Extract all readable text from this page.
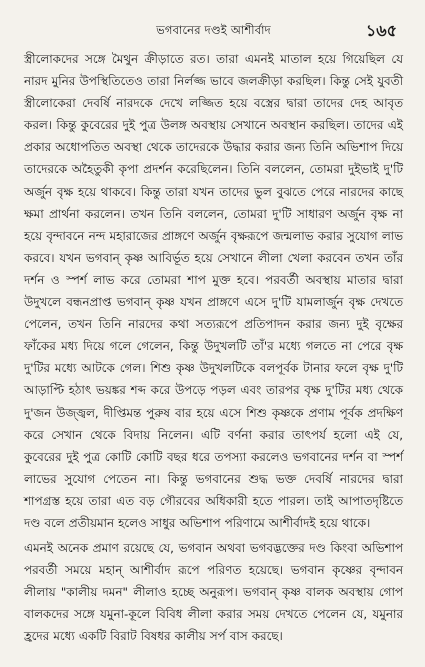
ভগবানের দণ্ডই আশীর্বাদ	১৬৫

স্ত্রীলোকদের সঙ্গে মৈথুন ক্রীড়াতে রত। তারা এমনই মাতাল হয়ে গিয়েছিল যে নারদ মুনির উপস্থিতিতেও তারা নির্লজ্জ ভাবে জলক্রীড়া করছিল। কিন্তু সেই যুবতী স্ত্রীলোকেরা দেবর্ষি নারদকে দেখে লজ্জিত হয়ে বস্ত্রের দ্বারা তাদের দেহ আবৃত করল। কিন্তু কুবেরের দুই পুত্র উলঙ্গ অবস্থায় সেখানে অবস্থান করছিল। তাদের এই প্রকার অধোপতিত অবস্থা থেকে তাদেরকে উদ্ধার করার জন্য তিনি অভিশাপ দিয়ে তাদেরকে অহৈতুকী কৃপা প্রদর্শন করেছিলেন। তিনি বললেন, তোমরা দুইভাই দু'টি অর্জুন বৃক্ষ হয়ে থাকবে। কিন্তু তারা যখন তাদের ভুল বুঝতে পেরে নারদের কাছে ক্ষমা প্রার্থনা করলেন। তখন তিনি বললেন, তোমরা দু'টি সাধারণ অর্জুন বৃক্ষ না হয়ে বৃন্দাবনে নন্দ মহারাজের প্রাঙ্গণে অর্জুন বৃক্ষরূপে জন্মলাভ করার সুযোগ লাভ করবে। যখন ভগবান্ কৃষ্ণ আবির্ভূত হয়ে সেখানে লীলা খেলা করবেন তখন তাঁর দর্শন ও স্পর্শ লাভ করে তোমরা শাপ মুক্ত হবে। পরবর্তী অবস্থায় মাতার দ্বারা উদুখলে বন্ধনপ্রাপ্ত ভগবান্ কৃষ্ণ যখন প্রাঙ্গণে এসে দু'টি যামলার্জুন বৃক্ষ দেখতে পেলেন, তখন তিনি নারদের কথা সত্যরূপে প্রতিপাদন করার জন্য দুই বৃক্ষের ফাঁকের মধ্য দিয়ে গলে গেলেন, কিন্তু উদুখলটি তাঁ'র মধ্যে গলতে না পেরে বৃক্ষ দু'টির মধ্যে আটকে গেল। শিশু কৃষ্ণ উদুখলটিকে বলপূর্বক টানার ফলে বৃক্ষ দু'টি আড়াপ্টি হঠাৎ ভয়ঙ্কর শব্দ করে উপড়ে পড়ল এবং তারপর বৃক্ষ দু'টির মধ্য থেকে দু'জন উজ্জ্বল, দীপ্তিমন্ত পুরুষ বার হয়ে এসে শিশু কৃষ্ণকে প্রণাম পূর্বক প্রদক্ষিণ করে সেখান থেকে বিদায় নিলেন। এটি বর্ণনা করার তাৎপর্য হলো এই যে, কুবেরের দুই পুত্র কোটি কোটি বছর ধরে তপস্যা করলেও ভগবানের দর্শন বা স্পর্শ লাভের সুযোগ পেতেন না। কিন্তু ভগবানের শুদ্ধ ভক্ত দেবর্ষি নারদের দ্বারা শাপগ্রস্ত হয়ে তারা এত বড় গৌরবের অধিকারী হতে পারল। তাই আপাতদৃষ্টিতে দণ্ড বলে প্রতীয়মান হলেও সাধুর অভিশাপ পরিণামে আশীর্বাদই হয়ে থাকে।

এমনই অনেক প্রমাণ রয়েছে যে, ভগবান অথবা ভগবদ্ভক্তের দণ্ড কিংবা অভিশাপ পরবর্তী সময়ে মহান্ আশীর্বাদ রূপে পরিণত হয়েছে। ভগবান কৃষ্ণের বৃন্দাবন লীলায় "কালীয় দমন" লীলাও হচ্ছে অনুরূপ। ভগবান্ কৃষ্ণ বালক অবস্থায় গোপ বালকদের সঙ্গে যমুনা-কূলে বিবিধ লীলা করার সময় দেখতে পেলেন যে, যমুনার হ্রদের মধ্যে একটি বিরাট বিষধর কালীয় সর্প বাস করছে।
